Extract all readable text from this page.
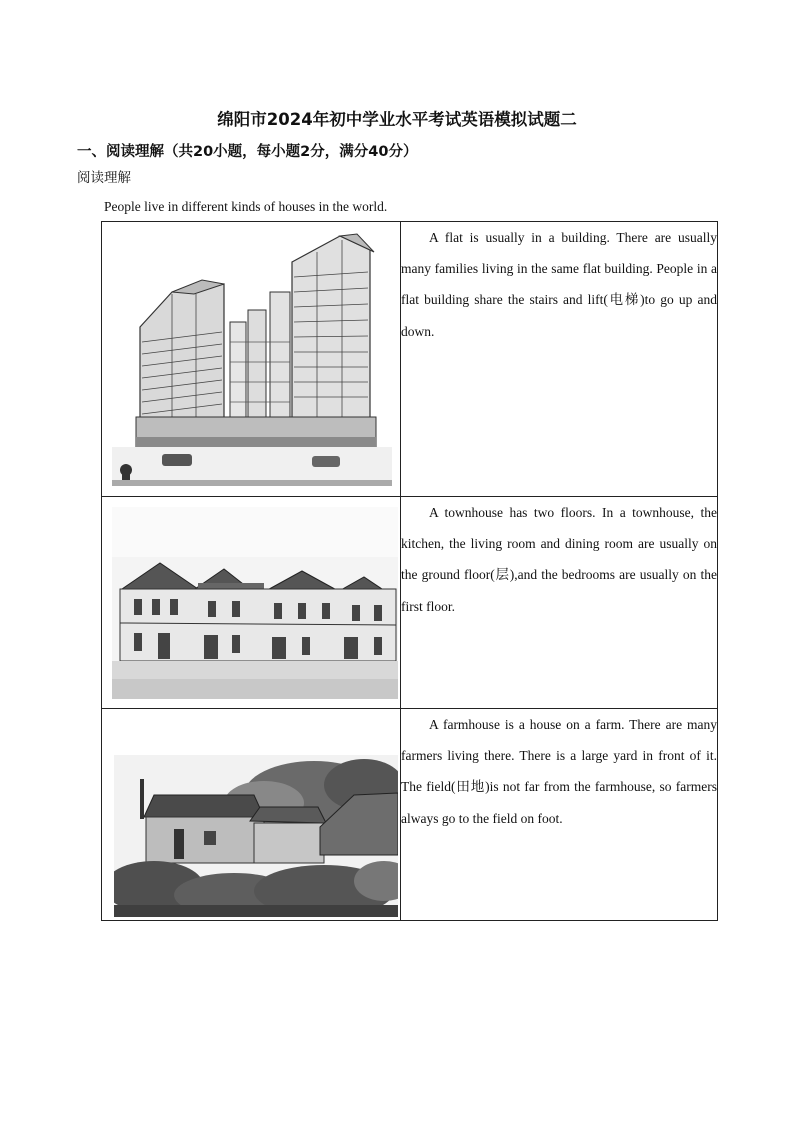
绵阳市2024年初中学业水平考试英语模拟试题二
一、阅读理解（共20小题，每小题2分，满分40分）
阅读理解
People live in different kinds of houses in the world.

A flat is usually in a building. There are usually many families living in the same flat building. People in a flat building share the stairs and lift(电梯)to go up and down.

A townhouse has two floors. In a townhouse, the kitchen, the living room and dining room are usually on the ground floor(层),and the bedrooms are usually on the first floor.

A farmhouse is a house on a farm. There are many farmers living there. There is a large yard in front of it. The field(田地)is not far from the farmhouse, so farmers always go to the field on foot.
